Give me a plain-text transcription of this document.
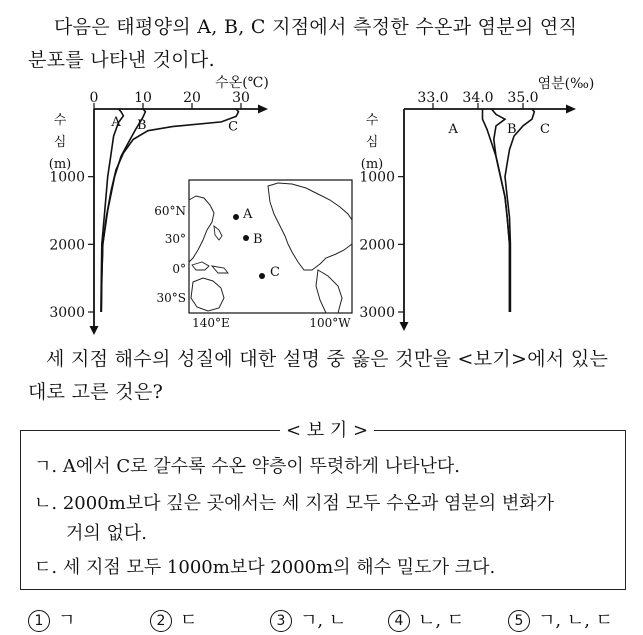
다음은 태평양의 A, B, C 지점에서 측정한 수온과 염분의 연직
분포를 나타낸 것이다.
수온(℃)
0	10 20 30
수
심
(m)
1000
2000
3000
A B	C
60°N
30°
0°
30°S
140°E	100°W
A
B
C
염분(‰)
33.0 34.0 35.0
수
심
(m)
1000
2000
3000
A	B C
세 지점 해수의 성질에 대한 설명 중 옳은 것만을 <보기>에서 있는
대로 고른 것은?
< 보 기 >
ㄱ. A에서 C로 갈수록 수온 약층이 뚜렷하게 나타난다.
ㄴ. 2000m보다 깊은 곳에서는 세 지점 모두 수온과 염분의 변화가
거의 없다.
ㄷ. 세 지점 모두 1000m보다 2000m의 해수 밀도가 크다.
1 ㄱ	2 ㄷ	3 ㄱ, ㄴ	4 ㄴ, ㄷ	5 ㄱ, ㄴ, ㄷ
